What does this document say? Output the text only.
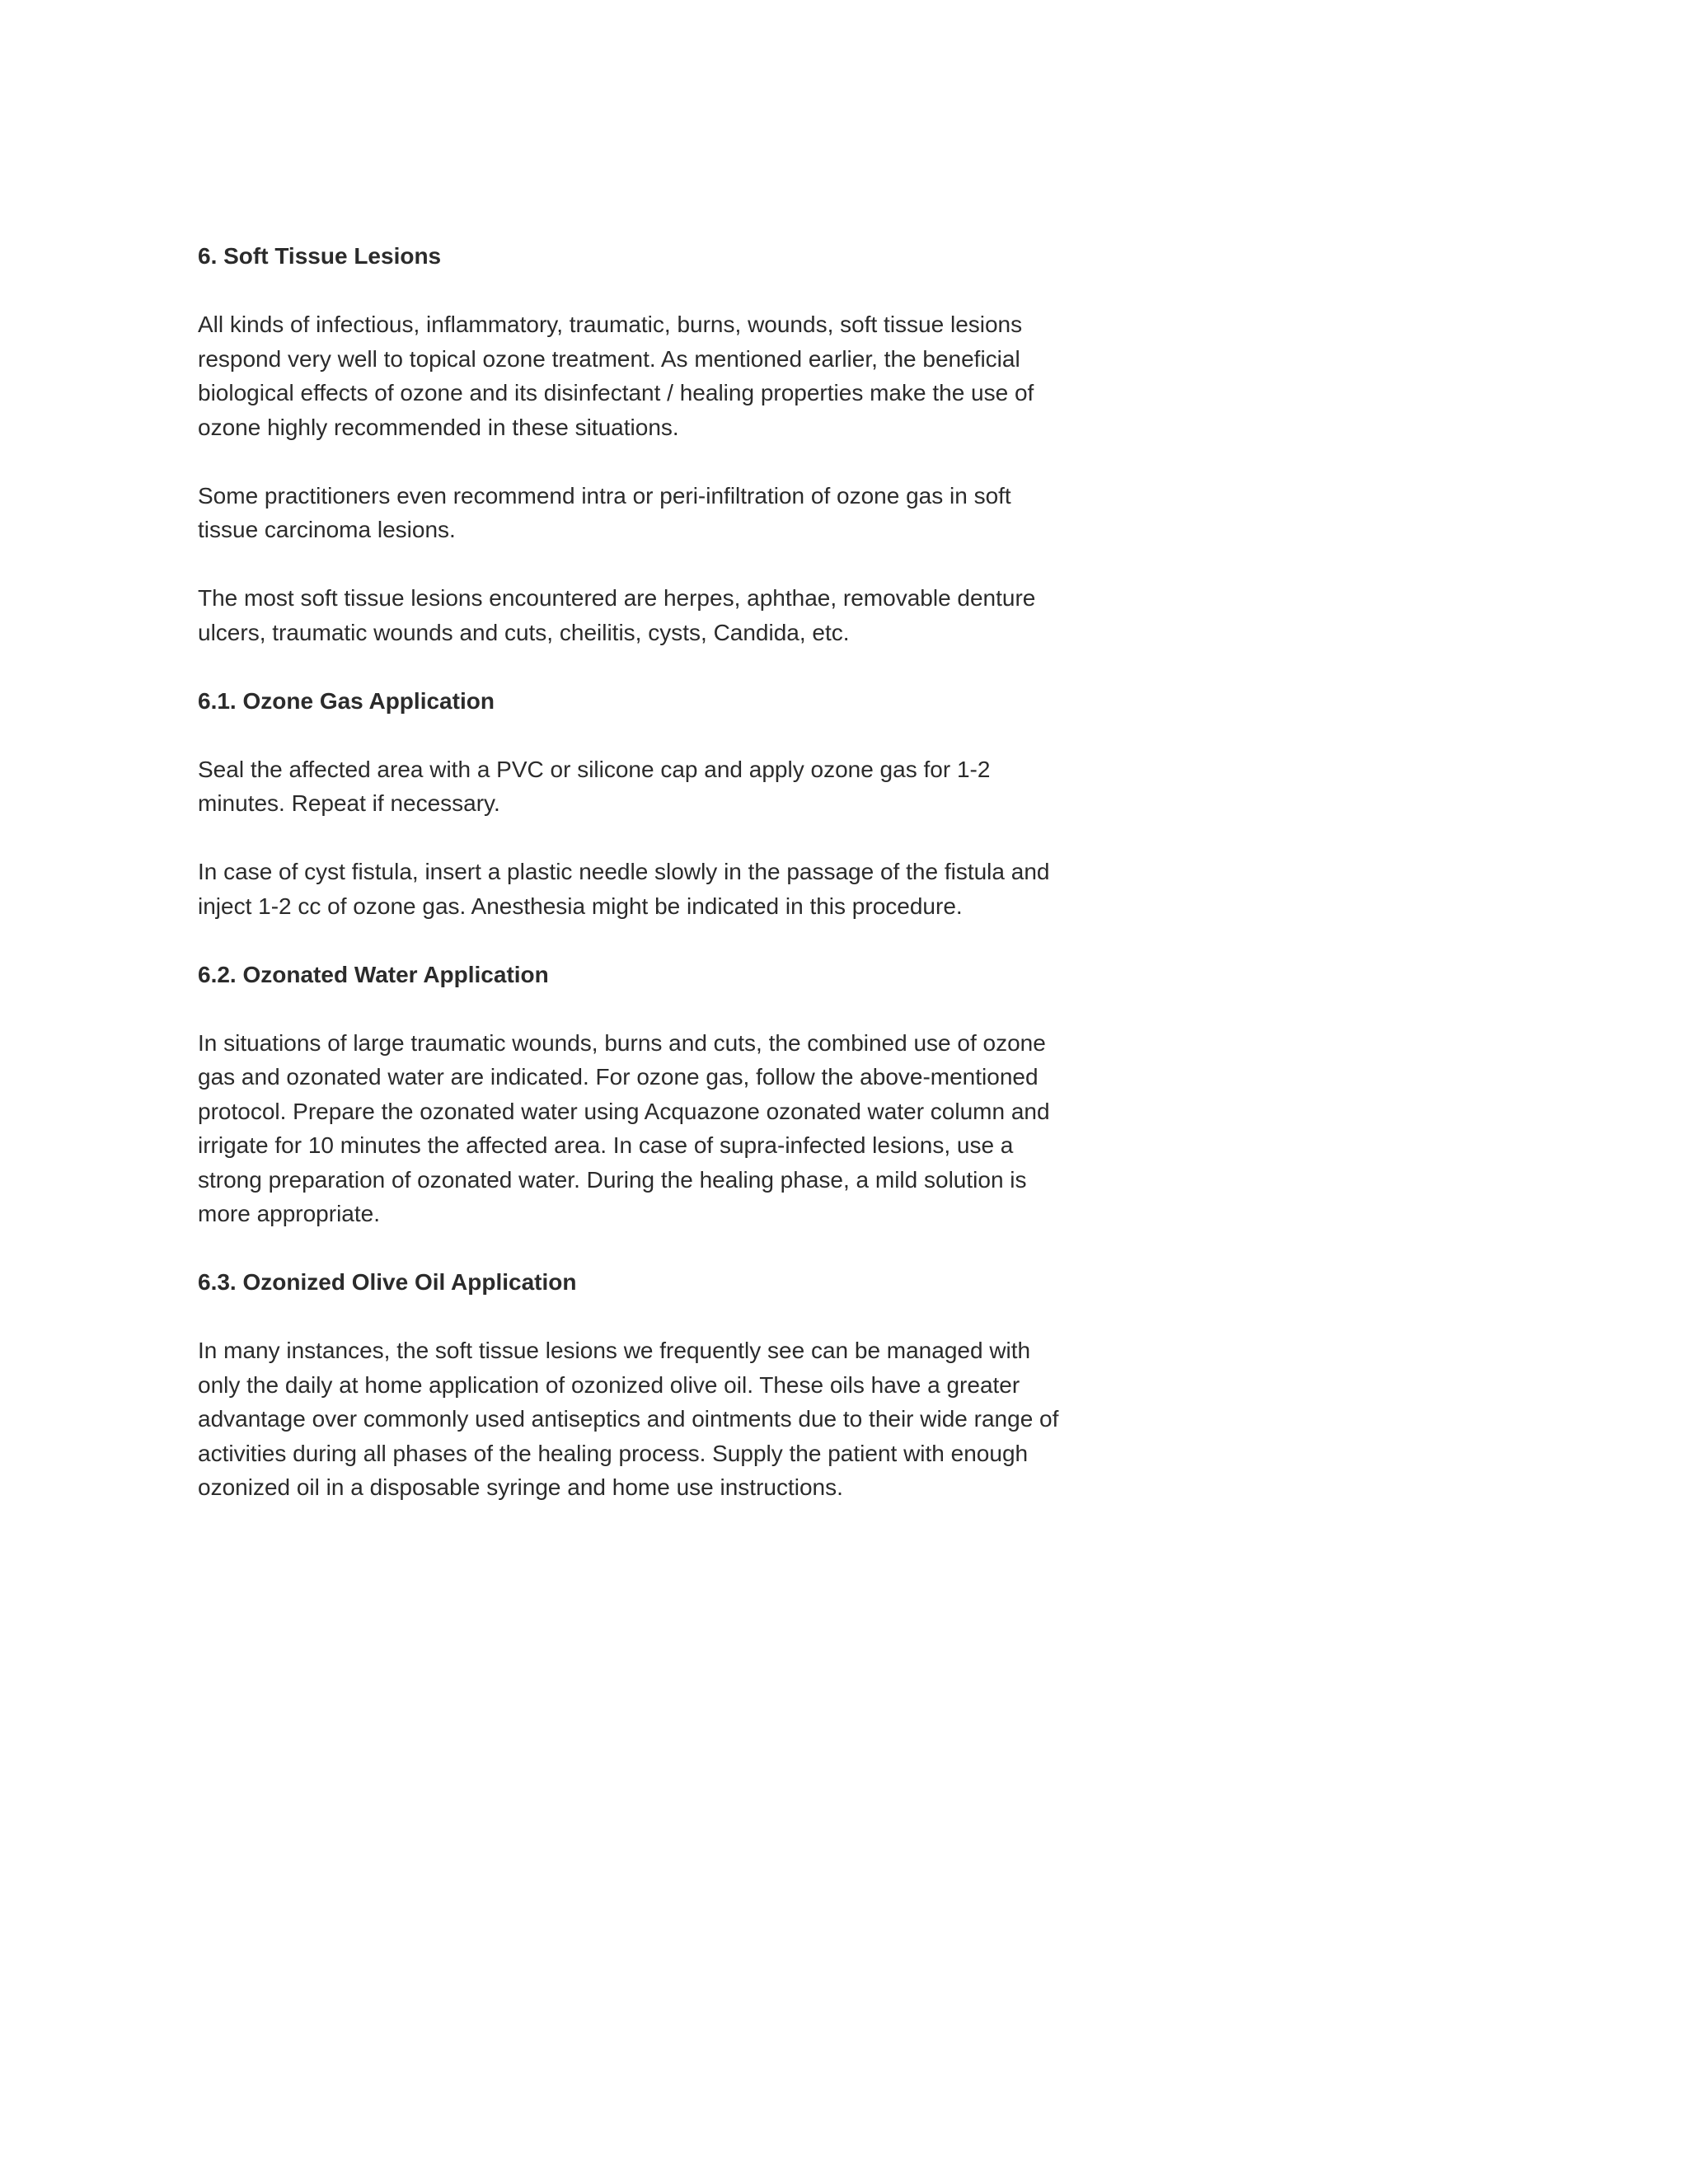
6. Soft Tissue Lesions

All kinds of infectious, inflammatory, traumatic, burns, wounds, soft tissue lesions respond very well to topical ozone treatment. As mentioned earlier, the beneficial biological effects of ozone and its disinfectant / healing properties make the use of ozone highly recommended in these situations.

Some practitioners even recommend intra or peri-infiltration of ozone gas in soft tissue carcinoma lesions.

The most soft tissue lesions encountered are herpes, aphthae, removable denture ulcers, traumatic wounds and cuts, cheilitis, cysts, Candida, etc.

6.1. Ozone Gas Application

Seal the affected area with a PVC or silicone cap and apply ozone gas for 1-2 minutes. Repeat if necessary.

In case of cyst fistula, insert a plastic needle slowly in the passage of the fistula and inject 1-2 cc of ozone gas. Anesthesia might be indicated in this procedure.

6.2. Ozonated Water Application

In situations of large traumatic wounds, burns and cuts, the combined use of ozone gas and ozonated water are indicated. For ozone gas, follow the above-mentioned protocol. Prepare the ozonated water using Acquazone ozonated water column and irrigate for 10 minutes the affected area. In case of supra-infected lesions, use a strong preparation of ozonated water. During the healing phase, a mild solution is more appropriate.

6.3. Ozonized Olive Oil Application

In many instances, the soft tissue lesions we frequently see can be managed with only the daily at home application of ozonized olive oil. These oils have a greater advantage over commonly used antiseptics and ointments due to their wide range of activities during all phases of the healing process. Supply the patient with enough ozonized oil in a disposable syringe and home use instructions.
